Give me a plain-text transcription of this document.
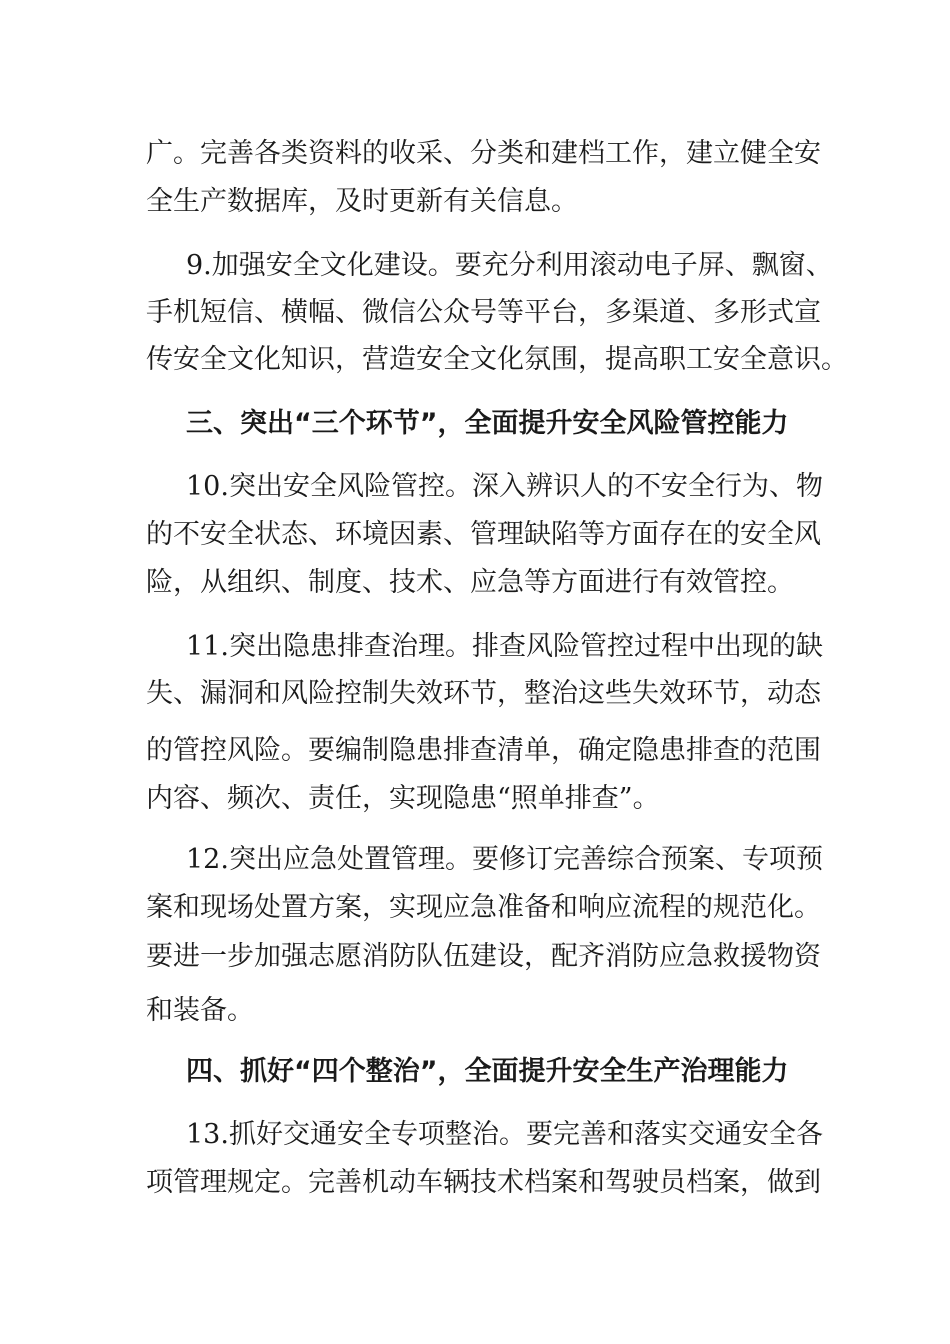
广。完善各类资料的收采、分类和建档工作，建立健全安
全生产数据库，及时更新有关信息。
9.加强安全文化建设。要充分利用滚动电子屏、飘窗、
手机短信、横幅、微信公众号等平台，多渠道、多形式宣
传安全文化知识，营造安全文化氛围，提高职工安全意识。
三、突出“三个环节”，全面提升安全风险管控能力
10.突出安全风险管控。深入辨识人的不安全行为、物
的不安全状态、环境因素、管理缺陷等方面存在的安全风
险，从组织、制度、技术、应急等方面进行有效管控。
11.突出隐患排查治理。排查风险管控过程中出现的缺
失、漏洞和风险控制失效环节，整治这些失效环节，动态
的管控风险。要编制隐患排查清单，确定隐患排查的范围
内容、频次、责任，实现隐患“照单排查”。
12.突出应急处置管理。要修订完善综合预案、专项预
案和现场处置方案，实现应急准备和响应流程的规范化。
要进一步加强志愿消防队伍建设，配齐消防应急救援物资
和装备。
四、抓好“四个整治”，全面提升安全生产治理能力
13.抓好交通安全专项整治。要完善和落实交通安全各
项管理规定。完善机动车辆技术档案和驾驶员档案，做到
